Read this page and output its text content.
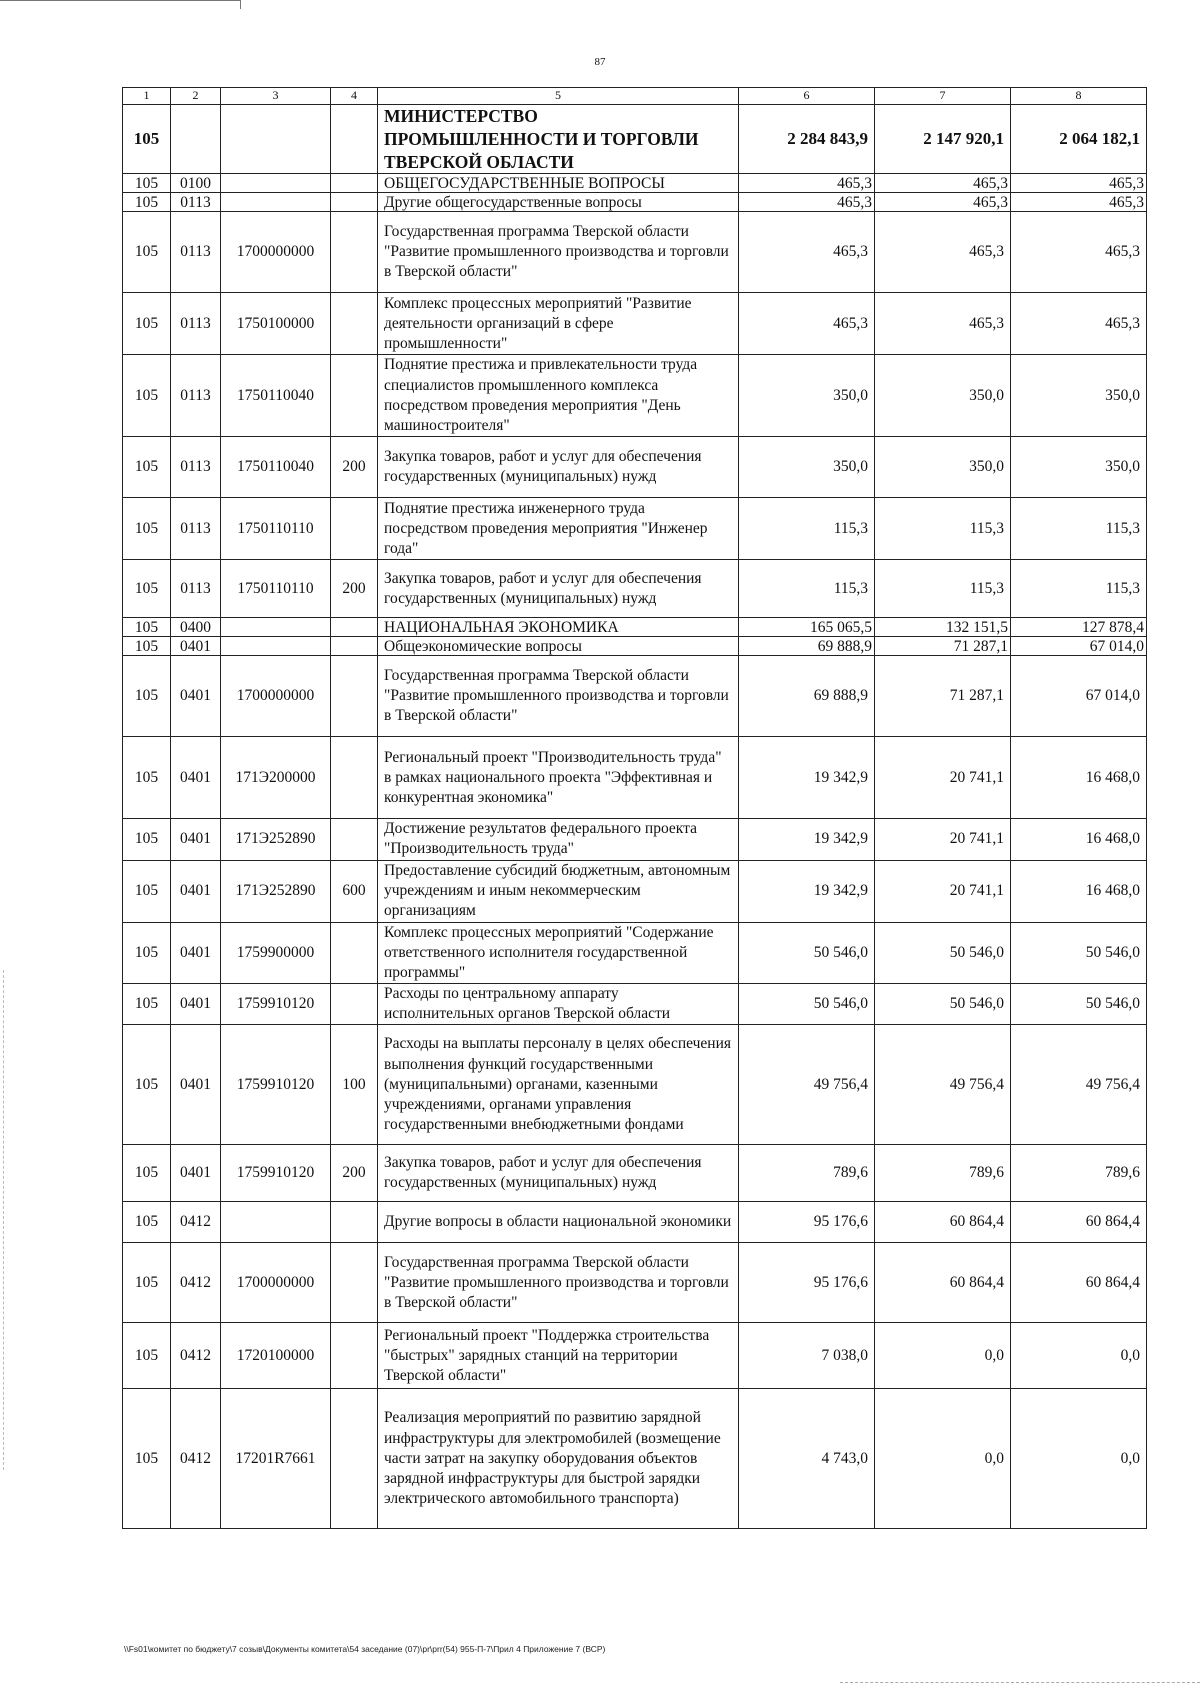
87
1	2	3	4	5	6	7	8
105				МИНИСТЕРСТВО ПРОМЫШЛЕННОСТИ И ТОРГОВЛИ ТВЕРСКОЙ ОБЛАСТИ	2 284 843,9	2 147 920,1	2 064 182,1
105	0100			ОБЩЕГОСУДАРСТВЕННЫЕ ВОПРОСЫ	465,3	465,3	465,3
105	0113			Другие общегосударственные вопросы	465,3	465,3	465,3
105	0113	1700000000		Государственная программа Тверской области "Развитие промышленного производства и торговли в Тверской области"	465,3	465,3	465,3
105	0113	1750100000		Комплекс процессных мероприятий "Развитие деятельности организаций в сфере промышленности"	465,3	465,3	465,3
105	0113	1750110040		Поднятие престижа и привлекательности труда специалистов промышленного комплекса посредством проведения мероприятия "День машиностроителя"	350,0	350,0	350,0
105	0113	1750110040	200	Закупка товаров, работ и услуг для обеспечения государственных (муниципальных) нужд	350,0	350,0	350,0
105	0113	1750110110		Поднятие престижа инженерного труда посредством проведения мероприятия "Инженер года"	115,3	115,3	115,3
105	0113	1750110110	200	Закупка товаров, работ и услуг для обеспечения государственных (муниципальных) нужд	115,3	115,3	115,3
105	0400			НАЦИОНАЛЬНАЯ ЭКОНОМИКА	165 065,5	132 151,5	127 878,4
105	0401			Общеэкономические вопросы	69 888,9	71 287,1	67 014,0
105	0401	1700000000		Государственная программа Тверской области "Развитие промышленного производства и торговли в Тверской области"	69 888,9	71 287,1	67 014,0
105	0401	171Э200000		Региональный проект "Производительность труда" в рамках национального проекта "Эффективная и конкурентная экономика"	19 342,9	20 741,1	16 468,0
105	0401	171Э252890		Достижение результатов федерального проекта "Производительность труда"	19 342,9	20 741,1	16 468,0
105	0401	171Э252890	600	Предоставление субсидий бюджетным, автономным учреждениям и иным некоммерческим организациям	19 342,9	20 741,1	16 468,0
105	0401	1759900000		Комплекс процессных мероприятий "Содержание ответственного исполнителя государственной программы"	50 546,0	50 546,0	50 546,0
105	0401	1759910120		Расходы по центральному аппарату исполнительных органов Тверской области	50 546,0	50 546,0	50 546,0
105	0401	1759910120	100	Расходы на выплаты персоналу в целях обеспечения выполнения функций государственными (муниципальными) органами, казенными учреждениями, органами управления государственными внебюджетными фондами	49 756,4	49 756,4	49 756,4
105	0401	1759910120	200	Закупка товаров, работ и услуг для обеспечения государственных (муниципальных) нужд	789,6	789,6	789,6
105	0412			Другие вопросы в области национальной экономики	95 176,6	60 864,4	60 864,4
105	0412	1700000000		Государственная программа Тверской области "Развитие промышленного производства и торговли в Тверской области"	95 176,6	60 864,4	60 864,4
105	0412	1720100000		Региональный проект "Поддержка строительства "быстрых" зарядных станций на территории Тверской области"	7 038,0	0,0	0,0
105	0412	17201R7661		Реализация мероприятий по развитию зарядной инфраструктуры для электромобилей (возмещение части затрат на закупку оборудования объектов зарядной инфраструктуры для быстрой зарядки электрического автомобильного транспорта)	4 743,0	0,0	0,0
\\Fs01\комитет по бюджету\7 созыв\Документы комитета\54 заседание (07)\pr\prr(54) 955-П-7\Прил 4 Приложение 7 (ВСР)
